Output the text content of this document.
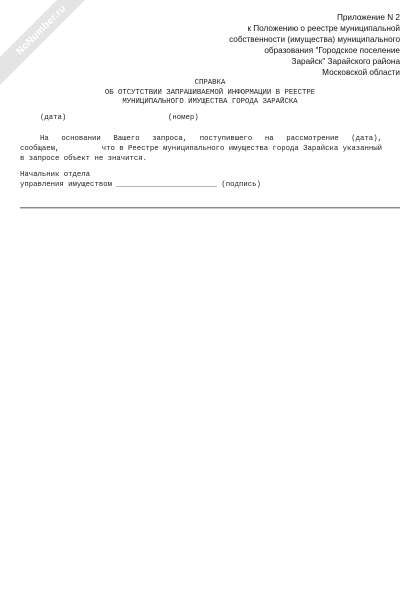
NoNumber.ru	Приложение N 2
к Положению о реестре муниципальной
собственности (имущества) муниципального
образования "Городское поселение
Зарайск" Зарайского района
Московской области
СПРАВКА
ОБ ОТСУТСТВИИ ЗАПРАШИВАЕМОЙ ИНФОРМАЦИИ В РЕЕСТРЕ
МУНИЦИПАЛЬНОГО ИМУЩЕСТВА ГОРОДА ЗАРАЙСКА
(дата)	(номер)
На основании Вашего запроса, поступившего на рассмотрение (дата),
сообщаем,	что в Реестре муниципального имущества города Зарайска указанный
в запросе объект не значится.
Начальник отдела
управления имуществом _______________________ (подпись)
